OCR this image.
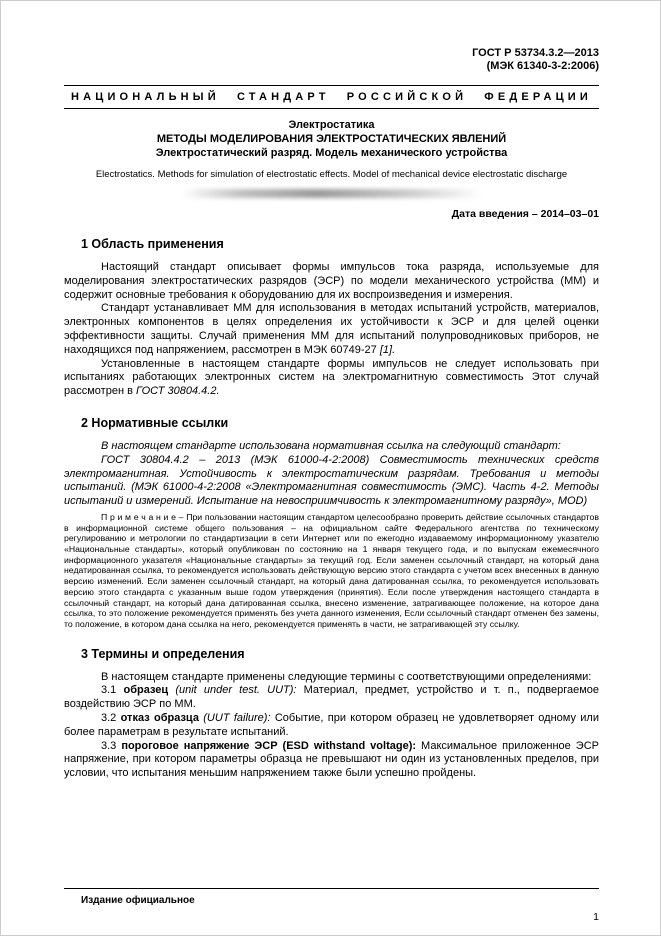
ГОСТ Р 53734.3.2—2013
(МЭК 61340-3-2:2006)
НАЦИОНАЛЬНЫЙ СТАНДАРТ РОССИЙСКОЙ ФЕДЕРАЦИИ
Электростатика
МЕТОДЫ МОДЕЛИРОВАНИЯ ЭЛЕКТРОСТАТИЧЕСКИХ ЯВЛЕНИЙ
Электростатический разряд. Модель механического устройства
Electrostatics. Methods for simulation of electrostatic effects. Model of mechanical device electrostatic discharge
Дата введения – 2014–03–01
1 Область применения

Настоящий стандарт описывает формы импульсов тока разряда, используемые для моделирования электростатических разрядов (ЭСР) по модели механического устройства (ММ) и содержит основные требования к оборудованию для их воспроизведения и измерения.

Стандарт устанавливает ММ для использования в методах испытаний устройств, материалов, электронных компонентов в целях определения их устойчивости к ЭСР и для целей оценки эффективности защиты. Случай применения ММ для испытаний полупроводниковых приборов, не находящихся под напряжением, рассмотрен в МЭК 60749-27 [1].

Установленные в настоящем стандарте формы импульсов не следует использовать при испытаниях работающих электронных систем на электромагнитную совместимость Этот случай рассмотрен в ГОСТ 30804.4.2.

2 Нормативные ссылки

В настоящем стандарте использована нормативная ссылка на следующий стандарт:

ГОСТ 30804.4.2 – 2013 (МЭК 61000-4-2:2008) Совместимость технических средств электромагнитная. Устойчивость к электростатическим разрядам. Требования и методы испытаний. (МЭК 61000-4-2:2008 «Электромагнитная совместимость (ЭМС). Часть 4-2. Методы испытаний и измерений. Испытание на невосприимчивость к электромагнитному разряду», MOD)

П р и м е ч а н и е – При пользовании настоящим стандартом целесообразно проверить действие ссылочных стандартов в информационной системе общего пользования – на официальном сайте Федерального агентства по техническому регулированию и метрологии по стандартизации в сети Интернет или по ежегодно издаваемому информационному указателю «Национальные стандарты», который опубликован по состоянию на 1 января текущего года, и по выпускам ежемесячного информационного указателя «Национальные стандарты» за текущий год. Если заменен ссылочный стандарт, на который дана недатированная ссылка, то рекомендуется использовать действующую версию этого стандарта с учетом всех внесенных в данную версию изменений. Если заменен ссылочный стандарт, на который дана датированная ссылка, то рекомендуется использовать версию этого стандарта с указанным выше годом утверждения (принятия). Если после утверждения настоящего стандарта в ссылочный стандарт, на который дана датированная ссылка, внесено изменение, затрагивающее положение, на которое дана ссылка, то это положение рекомендуется применять без учета данного изменения, Если ссылочный стандарт отменен без замены, то положение, в котором дана ссылка на него, рекомендуется применять в части, не затрагивающей эту ссылку.

3 Термины и определения

В настоящем стандарте применены следующие термины с соответствующими определениями:

3.1 образец (unit under test. UUT): Материал, предмет, устройство и т. п., подвергаемое воздействию ЭСР по ММ.

3.2 отказ образца (UUT failure): Событие, при котором образец не удовлетворяет одному или более параметрам в результате испытаний.

3.3 пороговое напряжение ЭСР (ESD withstand voltage): Максимальное приложенное ЭСР напряжение, при котором параметры образца не превышают ни один из установленных пределов, при условии, что испытания меньшим напряжением также были успешно пройдены.

Издание официальное
1
